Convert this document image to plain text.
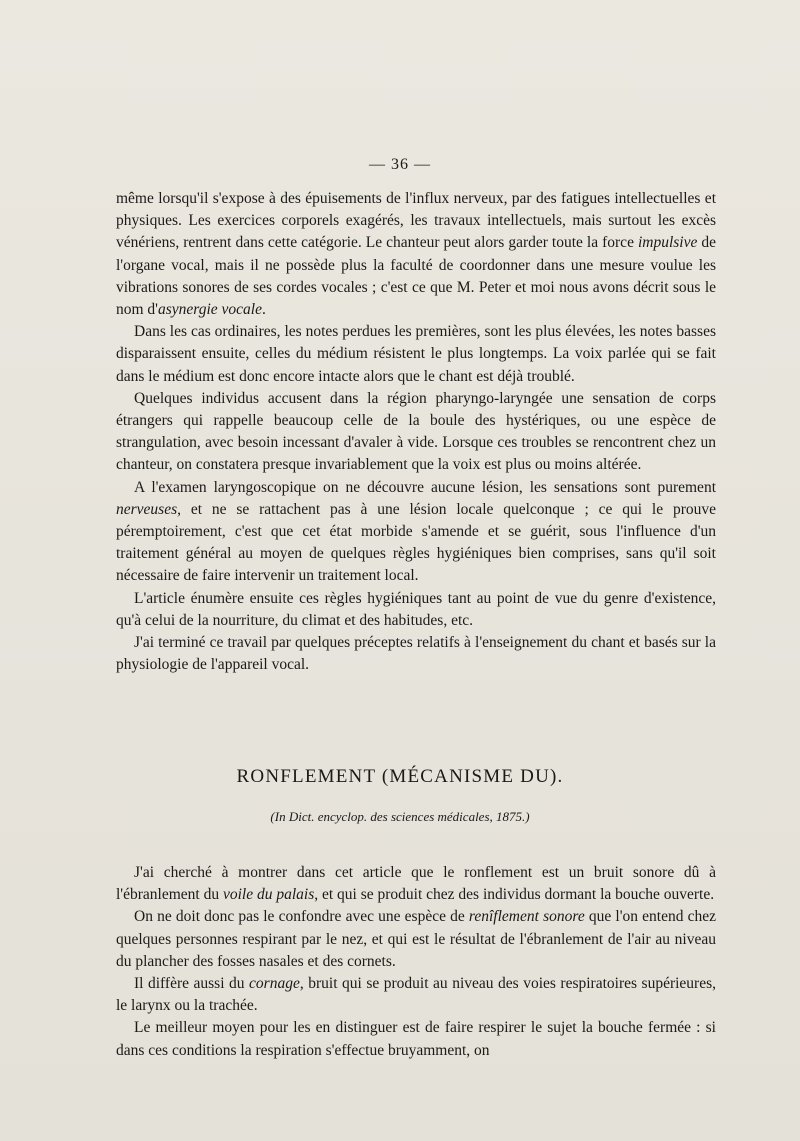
— 36 —

même lorsqu'il s'expose à des épuisements de l'influx nerveux, par des fatigues intellectuelles et physiques. Les exercices corporels exagérés, les travaux intellectuels, mais surtout les excès vénériens, rentrent dans cette catégorie. Le chanteur peut alors garder toute la force impulsive de l'organe vocal, mais il ne possède plus la faculté de coordonner dans une mesure voulue les vibrations sonores de ses cordes vocales ; c'est ce que M. Peter et moi nous avons décrit sous le nom d'asynergie vocale.

Dans les cas ordinaires, les notes perdues les premières, sont les plus élevées, les notes basses disparaissent ensuite, celles du médium résistent le plus longtemps. La voix parlée qui se fait dans le médium est donc encore intacte alors que le chant est déjà troublé.

Quelques individus accusent dans la région pharyngo-laryngée une sensation de corps étrangers qui rappelle beaucoup celle de la boule des hystériques, ou une espèce de strangulation, avec besoin incessant d'avaler à vide. Lorsque ces troubles se rencontrent chez un chanteur, on constatera presque invariablement que la voix est plus ou moins altérée.

A l'examen laryngoscopique on ne découvre aucune lésion, les sensations sont purement nerveuses, et ne se rattachent pas à une lésion locale quelconque ; ce qui le prouve péremptoirement, c'est que cet état morbide s'amende et se guérit, sous l'influence d'un traitement général au moyen de quelques règles hygiéniques bien comprises, sans qu'il soit nécessaire de faire intervenir un traitement local.

L'article énumère ensuite ces règles hygiéniques tant au point de vue du genre d'existence, qu'à celui de la nourriture, du climat et des habitudes, etc.

J'ai terminé ce travail par quelques préceptes relatifs à l'enseignement du chant et basés sur la physiologie de l'appareil vocal.

RONFLEMENT (MÉCANISME DU).
(In Dict. encyclop. des sciences médicales, 1875.)

J'ai cherché à montrer dans cet article que le ronflement est un bruit sonore dû à l'ébranlement du voile du palais, et qui se produit chez des individus dormant la bouche ouverte.

On ne doit donc pas le confondre avec une espèce de renîflement sonore que l'on entend chez quelques personnes respirant par le nez, et qui est le résultat de l'ébranlement de l'air au niveau du plancher des fosses nasales et des cornets.

Il diffère aussi du cornage, bruit qui se produit au niveau des voies respiratoires supérieures, le larynx ou la trachée.

Le meilleur moyen pour les en distinguer est de faire respirer le sujet la bouche fermée : si dans ces conditions la respiration s'effectue bruyamment, on
